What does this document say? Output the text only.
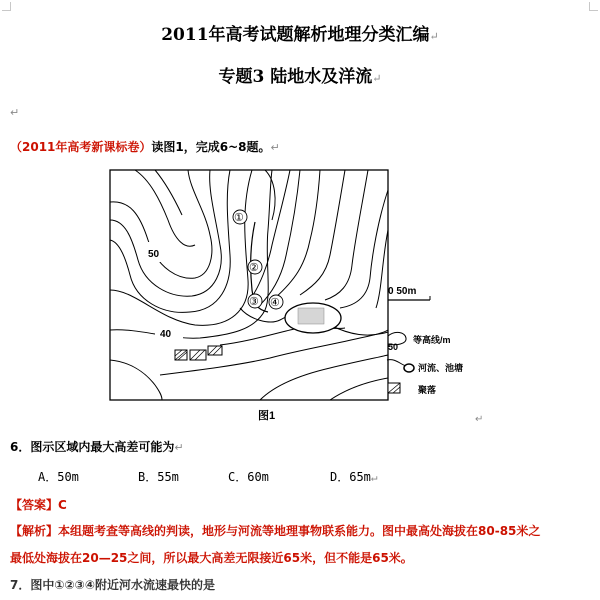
2011年高考试题解析地理分类汇编↵
专题3 陆地水及洋流↵
↵
（2011年高考新课标卷）读图1，完成6~8题。↵
50
40
①
②
③ ④
0 50m
50
等高线/m
河流、池塘
聚落
图1	↵
6．图示区域内最大高差可能为↵
A．50m	B．55m	C．60m	D．65m↵
【答案】C
【解析】本组题考查等高线的判读，地形与河流等地理事物联系能力。图中最高处海拔在80-85米之
最低处海拔在20—25之间，所以最大高差无限接近65米，但不能是65米。
7．图中①②③④附近河水流速最快的是
